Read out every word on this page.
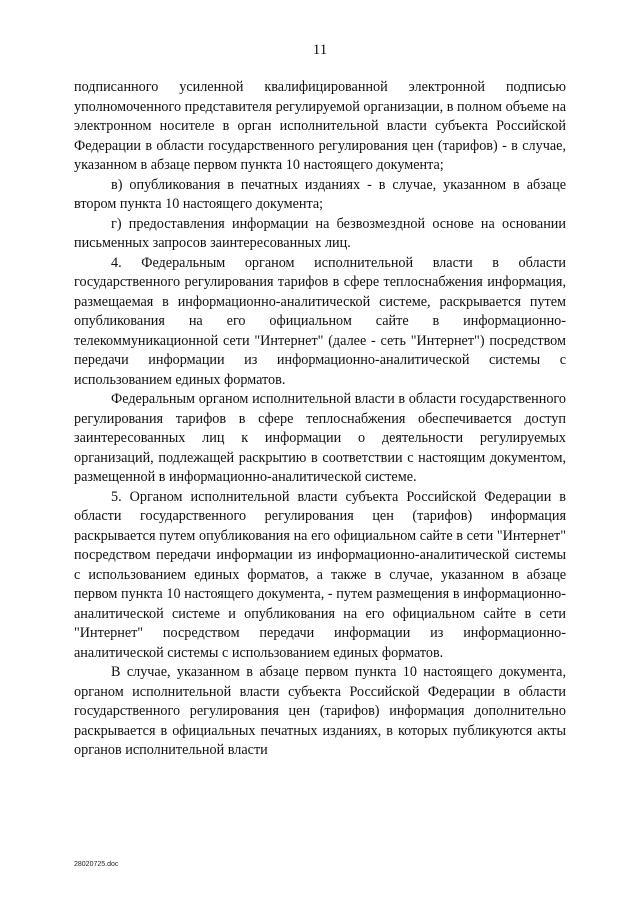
11

подписанного усиленной квалифицированной электронной подписью уполномоченного представителя регулируемой организации, в полном объеме на электронном носителе в орган исполнительной власти субъекта Российской Федерации в области государственного регулирования цен (тарифов) - в случае, указанном в абзаце первом пункта 10 настоящего документа;

в) опубликования в печатных изданиях - в случае, указанном в абзаце втором пункта 10 настоящего документа;

г) предоставления информации на безвозмездной основе на основании письменных запросов заинтересованных лиц.

4. Федеральным органом исполнительной власти в области государственного регулирования тарифов в сфере теплоснабжения информация, размещаемая в информационно-аналитической системе, раскрывается путем опубликования на его официальном сайте в информационно-телекоммуникационной сети "Интернет" (далее - сеть "Интернет") посредством передачи информации из информационно-аналитической системы с использованием единых форматов.

Федеральным органом исполнительной власти в области государственного регулирования тарифов в сфере теплоснабжения обеспечивается доступ заинтересованных лиц к информации о деятельности регулируемых организаций, подлежащей раскрытию в соответствии с настоящим документом, размещенной в информационно-аналитической системе.

5. Органом исполнительной власти субъекта Российской Федерации в области государственного регулирования цен (тарифов) информация раскрывается путем опубликования на его официальном сайте в сети "Интернет" посредством передачи информации из информационно-аналитической системы с использованием единых форматов, а также в случае, указанном в абзаце первом пункта 10 настоящего документа, - путем размещения в информационно-аналитической системе и опубликования на его официальном сайте в сети "Интернет" посредством передачи информации из информационно-аналитической системы с использованием единых форматов.

В случае, указанном в абзаце первом пункта 10 настоящего документа, органом исполнительной власти субъекта Российской Федерации в области государственного регулирования цен (тарифов) информация дополнительно раскрывается в официальных печатных изданиях, в которых публикуются акты органов исполнительной власти

28020725.doc
